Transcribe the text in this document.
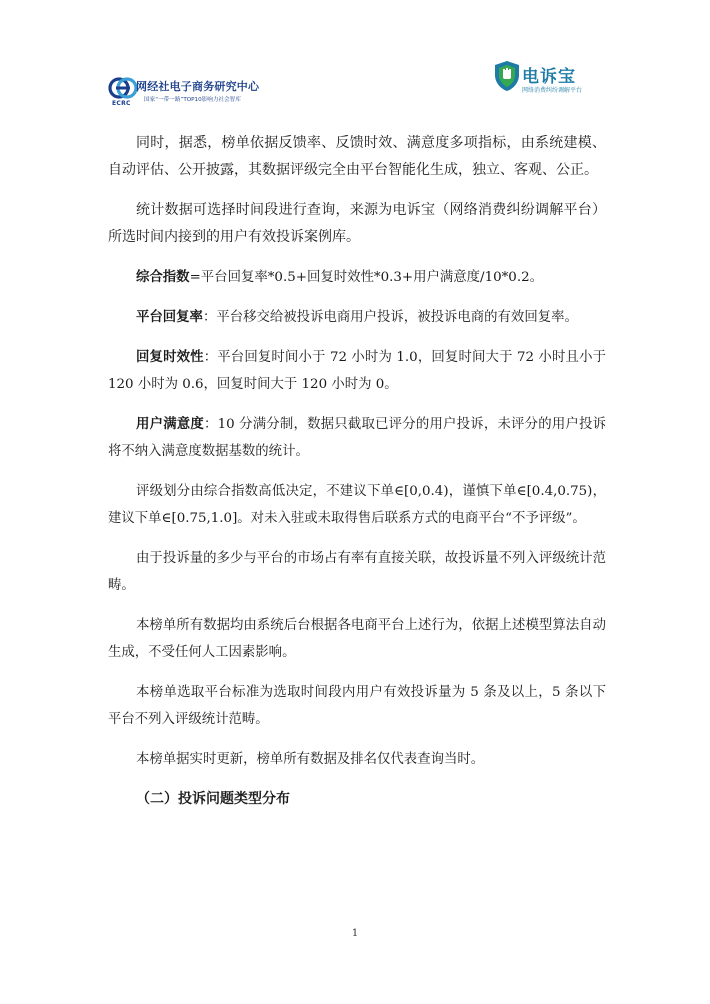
ECRC
网经社电子商务研究中心
国家“一带一路”TOP10影响力社会智库
电诉宝
网络消费纠纷调解平台

同时，据悉，榜单依据反馈率、反馈时效、满意度多项指标，由系统建模、自动评估、公开披露，其数据评级完全由平台智能化生成，独立、客观、公正。

统计数据可选择时间段进行查询，来源为电诉宝（网络消费纠纷调解平台）所选时间内接到的用户有效投诉案例库。

综合指数=平台回复率*0.5+回复时效性*0.3+用户满意度/10*0.2。

平台回复率：平台移交给被投诉电商用户投诉，被投诉电商的有效回复率。

回复时效性：平台回复时间小于 72 小时为 1.0，回复时间大于 72 小时且小于 120 小时为 0.6，回复时间大于 120 小时为 0。

用户满意度：10 分满分制，数据只截取已评分的用户投诉，未评分的用户投诉将不纳入满意度数据基数的统计。

评级划分由综合指数高低决定，不建议下单∈[0,0.4)，谨慎下单∈[0.4,0.75)，建议下单∈[0.75,1.0]。对未入驻或未取得售后联系方式的电商平台“不予评级”。

由于投诉量的多少与平台的市场占有率有直接关联，故投诉量不列入评级统计范畴。

本榜单所有数据均由系统后台根据各电商平台上述行为，依据上述模型算法自动生成，不受任何人工因素影响。

本榜单选取平台标准为选取时间段内用户有效投诉量为 5 条及以上，5 条以下平台不列入评级统计范畴。

本榜单据实时更新，榜单所有数据及排名仅代表查询当时。

（二）投诉问题类型分布

1
